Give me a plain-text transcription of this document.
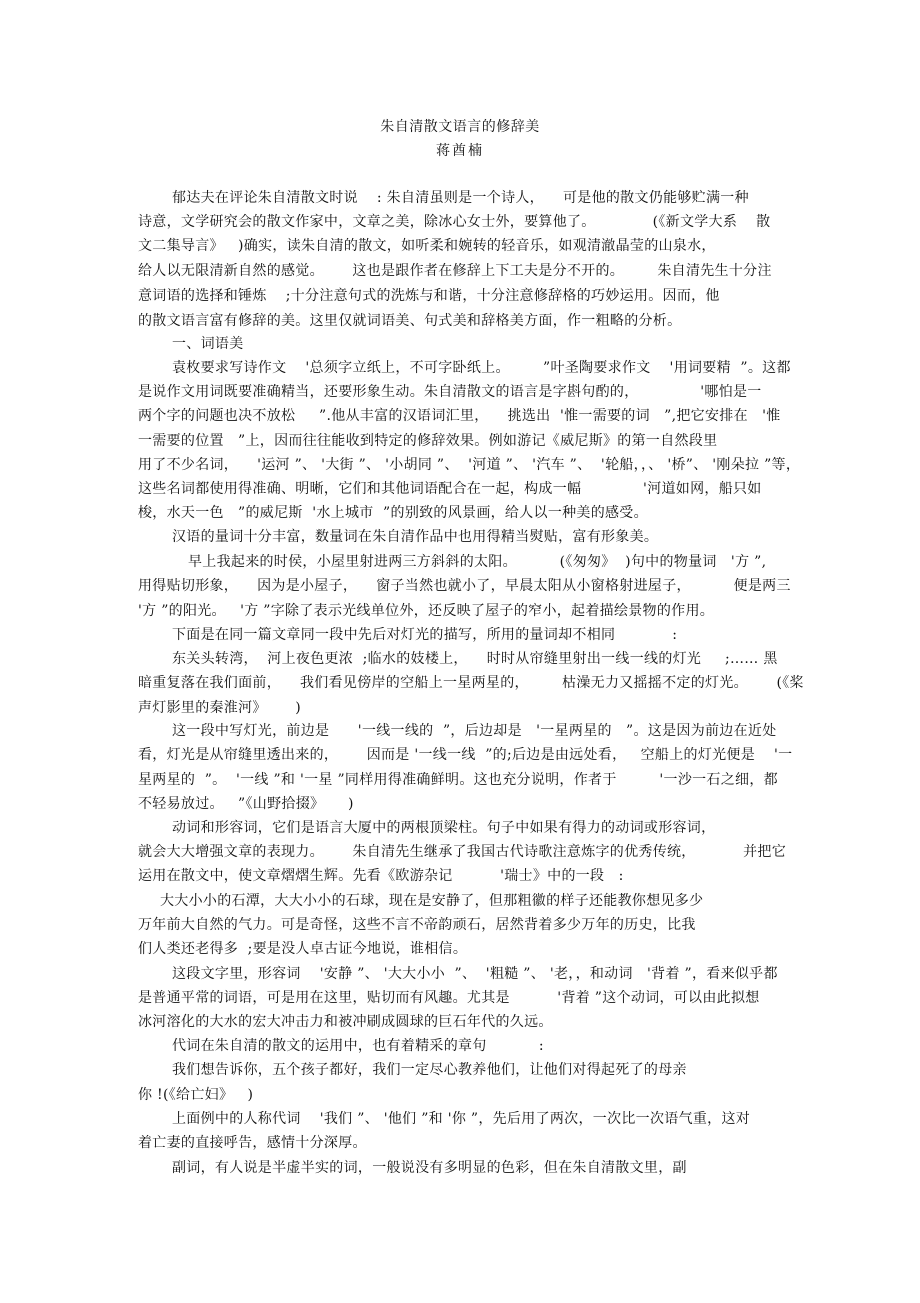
朱自清散文语言的修辞美
蒋酋楠
郁达夫在评论朱自清散文时说    : 朱自清虽则是一个诗人，    可是他的散文仍能够贮满一种
诗意，文学研究会的散文作家中，文章之美，除冰心女士外，要算他了。            (《新文学大系    散
文二集导言》   )确实，读朱自清的散文，如听柔和婉转的轻音乐，如观清澈晶莹的山泉水，
给人以无限清新自然的感觉。      这也是跟作者在修辞上下工夫是分不开的。       朱自清先生十分注
意词语的选择和锤炼    ;十分注意句式的洗炼与和谐，十分注意修辞格的巧妙运用。因而，他
的散文语言富有修辞的美。这里仅就词语美、句式美和辞格美方面，作一粗略的分析。
一、词语美
袁枚要求写诗作文    '总须字立纸上，不可字卧纸上。       ”叶圣陶要求作文    '用词要精  ”。这都
是说作文用词既要准确精当，还要形象生动。朱自清散文的语言是字斟句酌的，             '哪怕是一
两个字的问题也决不放松     ”.他从丰富的汉语词汇里，    挑选出  '惟一需要的词   ”,把它安排在   '惟
一需要的位置   ”上，因而往往能收到特定的修辞效果。例如游记《威尼斯》的第一自然段里
用了不少名词，    '运河 ”、 '大街 ”、 '小胡同 ”、  '河道 ”、 '汽车 ”、  '轮船，，、 '桥”、 '刚朵拉 ”等，
这些名词都使用得准确、明晰，它们和其他词语配合在一起，构成一幅             '河道如网，船只如
梭，水天一色   ”的威尼斯  '水上城市  ”的别致的风景画，给人以一种美的感受。
汉语的量词十分丰富，数量词在朱自清作品中也用得精当熨贴，富有形象美。
早上我起来的时侯，小屋里射进两三方斜斜的太阳。         (《匆匆》  )句中的物量词   '方 ”,
用得贴切形象，    因为是小屋子，    窗子当然也就小了，早晨太阳从小窗格射进屋子，         便是两三
'方 ”的阳光。   '方 ”字除了表示光线单位外，还反映了屋子的窄小，起着描绘景物的作用。
下面是在同一篇文章同一段中先后对灯光的描写，所用的量词却不相同            :
东关头转湾，  河上夜色更浓  ;临水的妓楼上，    时时从帘缝里射出一线一线的灯光     ;…… 黑
暗重复落在我们面前，    我们看见傍岸的空船上一星两星的，       枯澡无力又摇摇不定的灯光。      (《桨
声灯影里的秦淮河》      )
这一段中写灯光，前边是      '一线一线的  ”，后边却是   '一星两星的   ”。这是因为前边在近处
看，灯光是从帘缝里透出来的，      因而是 '一线一线  ”的;后边是由远处看，   空船上的灯光便是    '一
星两星的  ”。  '一线 ”和 '一星 ”同样用得准确鲜明。这也充分说明，作者于         '一沙一石之细，都
不轻易放过。   ”《山野拾掇》     )
动词和形容词，它们是语言大厦中的两根顶梁柱。句子中如果有得力的动词或形容词，
就会大大增强文章的表现力。      朱自清先生继承了我国古代诗歌注意炼字的优秀传统，          并把它
运用在散文中，使文章熠熠生辉。先看《欧游杂记          '瑞士》中的一段   :
大大小小的石潭，大大小小的石球，现在是安静了，但那粗徽的样子还能教你想见多少
万年前大自然的气力。可是奇怪，这些不言不帝韵顽石，居然背着多少万年的历史，比我
们人类还老得多  ;要是没人卓古证今地说，谁相信。
这段文字里，形容词    '安静 ”、 '大大小小  ”、  '粗糙 ”、 '老，，和动词   '背着 ”，看来似乎都
是普通平常的词语，可是用在这里，贴切而有风趣。尤其是          '背着 ”这个动词，可以由此拟想
冰河溶化的大水的宏大冲击力和被冲刷成圆球的巨石年代的久远。
代词在朱自清的散文的运用中，也有着精采的章句           :
我们想告诉你，五个孩子都好，我们一定尽心教养他们，让他们对得起死了的母亲
你 !(《给亡妇》   )
上面例中的人称代词    '我们 ”、 '他们 ”和 '你 ”，先后用了两次，一次比一次语气重，这对
着亡妻的直接呼告，感情十分深厚。
副词，有人说是半虚半实的词，一般说没有多明显的色彩，但在朱自清散文里，副
